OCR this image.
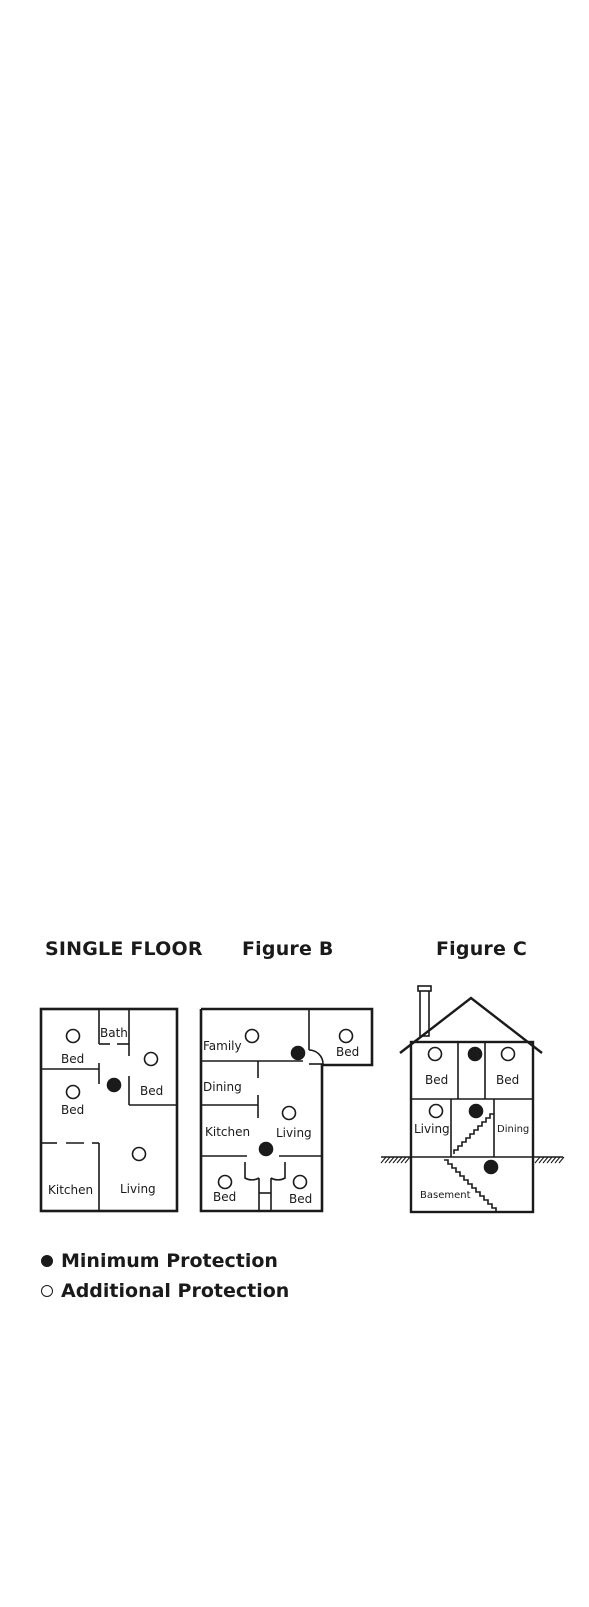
SINGLE FLOOR Figure B	Figure C
Bath
Bed
Bed
Bed
Kitchen Living
Family	Bed
Dining
Kitchen Living
Bed	Bed
Bed	Bed
Living	Dining
Basement
Minimum Protection
Additional Protection
